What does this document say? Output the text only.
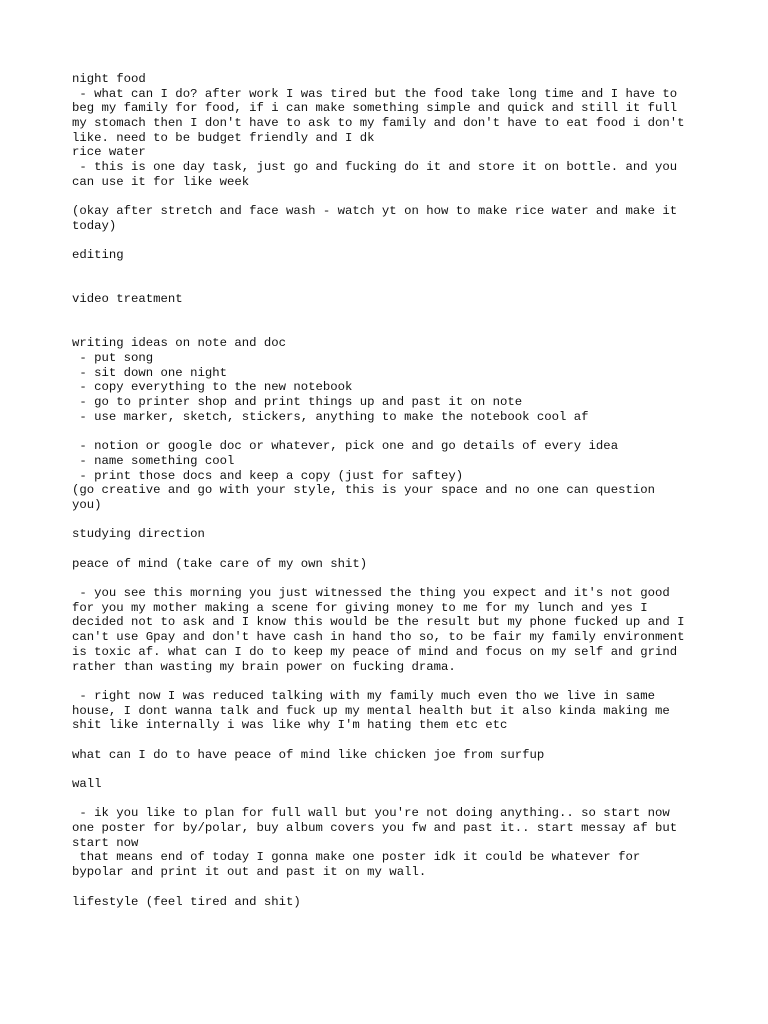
night food
- what can I do? after work I was tired but the food take long time and I have to
beg my family for food, if i can make something simple and quick and still it full
my stomach then I don't have to ask to my family and don't have to eat food i don't
like. need to be budget friendly and I dk
rice water
- this is one day task, just go and fucking do it and store it on bottle. and you
can use it for like week
(okay after stretch and face wash - watch yt on how to make rice water and make it
today)
editing
video treatment
writing ideas on note and doc
- put song
- sit down one night
- copy everything to the new notebook
- go to printer shop and print things up and past it on note
- use marker, sketch, stickers, anything to make the notebook cool af
- notion or google doc or whatever, pick one and go details of every idea
- name something cool
- print those docs and keep a copy (just for saftey)
(go creative and go with your style, this is your space and no one can question
you)
studying direction
peace of mind (take care of my own shit)
- you see this morning you just witnessed the thing you expect and it's not good
for you my mother making a scene for giving money to me for my lunch and yes I
decided not to ask and I know this would be the result but my phone fucked up and I
can't use Gpay and don't have cash in hand tho so, to be fair my family environment
is toxic af. what can I do to keep my peace of mind and focus on my self and grind
rather than wasting my brain power on fucking drama.
- right now I was reduced talking with my family much even tho we live in same
house, I dont wanna talk and fuck up my mental health but it also kinda making me
shit like internally i was like why I'm hating them etc etc
what can I do to have peace of mind like chicken joe from surfup
wall
- ik you like to plan for full wall but you're not doing anything.. so start now
one poster for by/polar, buy album covers you fw and past it.. start messay af but
start now
that means end of today I gonna make one poster idk it could be whatever for
bypolar and print it out and past it on my wall.
lifestyle (feel tired and shit)
